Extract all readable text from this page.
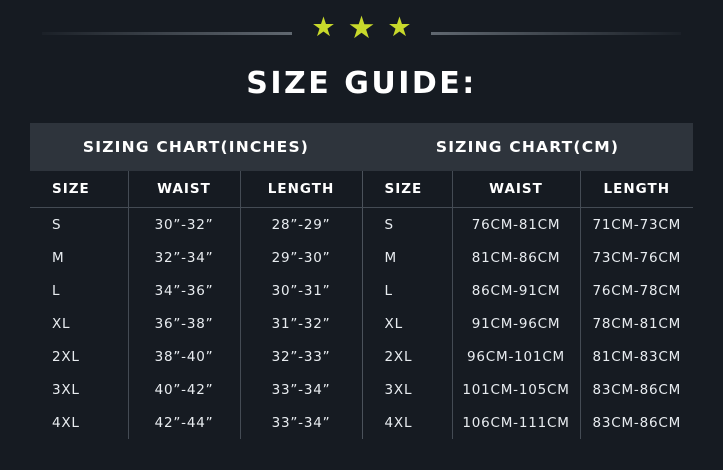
★ ★ ★
SIZE GUIDE:
SIZING CHART(INCHES)			SIZING CHART(CM)		
SIZE	WAIST	LENGTH	SIZE	WAIST	LENGTH
S	30”-32”	28”-29”	S	76CM-81CM	71CM-73CM
M	32”-34”	29”-30”	M	81CM-86CM	73CM-76CM
L	34”-36”	30”-31”	L	86CM-91CM	76CM-78CM
XL	36”-38”	31”-32”	XL	91CM-96CM	78CM-81CM
2XL	38”-40”	32”-33”	2XL	96CM-101CM	81CM-83CM
3XL	40”-42”	33”-34”	3XL	101CM-105CM	83CM-86CM
4XL	42”-44”	33”-34”	4XL	106CM-111CM	83CM-86CM
